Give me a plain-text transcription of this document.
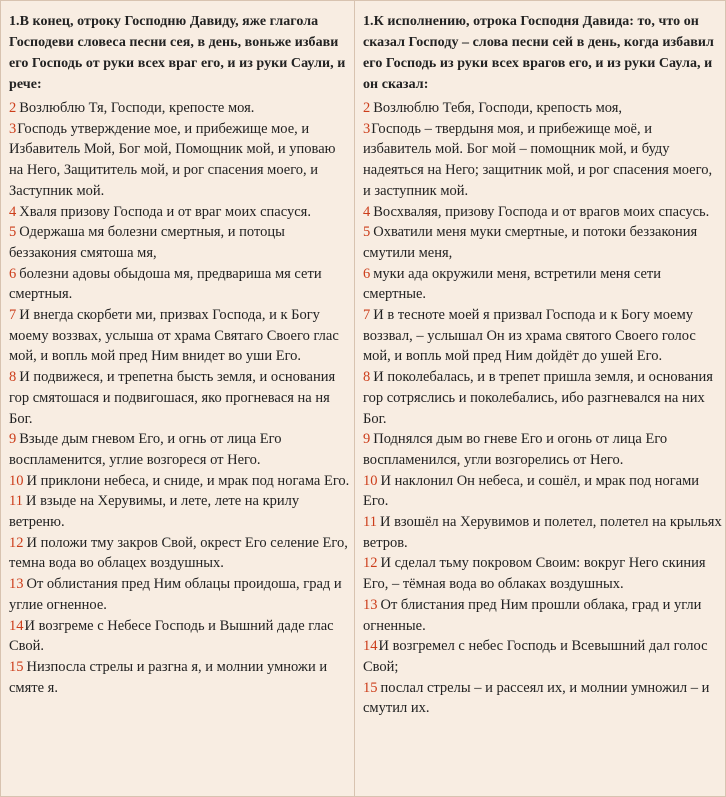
1.В конец, отроку Господню Давиду, яже глаголa Господеви словеса песни сея, в день, вoньже избави его Господь от руки всех враг его, и из руки Саули, и рече:

2 Возлюблю Тя, Господи, крeпосте моя.

3Господь утверждение мое, и прибежище мое, и Избавитель Мой, Бог мой, Помощник мой, и уповаю на Него, Защититель мой, и рог спасения моего, и Заступник мой.

4 Хваля призову Господа и от враг моих спасуся.

5 Одержаша мя болезни смертныя, и потоцы беззакония смятоша мя,

6 болезни адовы обыдоша мя, предвариша мя сети смертныя.

7 И внегда скорбети ми, призвах Господа, и к Богу моему воззвах, услыша от храма Святаго Своего глас мой, и вопль мой пред Ним внидет во уши Его.

8 И подвижеся, и трепетна бысть земля, и основания гор смятошася и подвигошася, яко прогневася на ня Бог.

9 Взыде дым гневом Его, и огнь от лица Его воспламенится, углие возгореся от Него.

10 И приклони небеса, и сниде, и мрак под ногама Его.

11 И взыде на Херувимы, и лете, лете на крилу ветреню.

12 И положи тму закров Свой, окрест Его селение Его, темна вода во облацех воздушных.

13 От облистания пред Ним облацы проидоша, град и углие огненное.

14И возгреме с Небесе Господь и Вышний даде глас Свой.

15 Низпосла стрелы и разгна я, и молнии умножи и смяте я.

1.К исполнению, отрока Господня Давида: то, что он сказал Господу – слова песни сей в день, когда избавил его Господь из руки всех врагов его, и из руки Саула, и он сказал:

2 Возлюблю Тебя, Господи, крепость моя,

3Господь – твердыня моя, и прибежище моё, и избавитель мой. Бог мой – помощник мой, и буду надеяться на Него; защитник мой, и рог спасения моего, и заступник мой.

4 Восхваляя, призову Господа и от врагов моих спасусь.

5 Охватили меня муки смертные, и потоки беззакония смутили меня,

6 муки ада окружили меня, встретили меня сети смертные.

7 И в тесноте моей я призвал Господа и к Богу моему воззвал, – услышал Он из храма святого Своего голос мой, и вопль мой пред Ним дойдёт до ушей Его.

8 И поколебалась, и в трепет пришла земля, и основания гор сотряслись и поколебались, ибо разгневался на них Бог.

9 Поднялся дым во гневе Его и огонь от лица Его воспламенился, угли возгорелись от Него.

10 И наклонил Он небеса, и сошёл, и мрак под ногами Его.

11 И взошёл на Херувимов и полетел, полетел на крыльях ветров.

12 И сделал тьму покровом Своим: вокруг Него скиния Его, – тёмная вода во облаках воздушных.

13 От блистания пред Ним прошли облака, град и угли огненные.

14И возгремел с небес Господь и Всевышний дал голос Свой;

15 послал стрелы – и рассеял их, и молнии умножил – и смутил их.
